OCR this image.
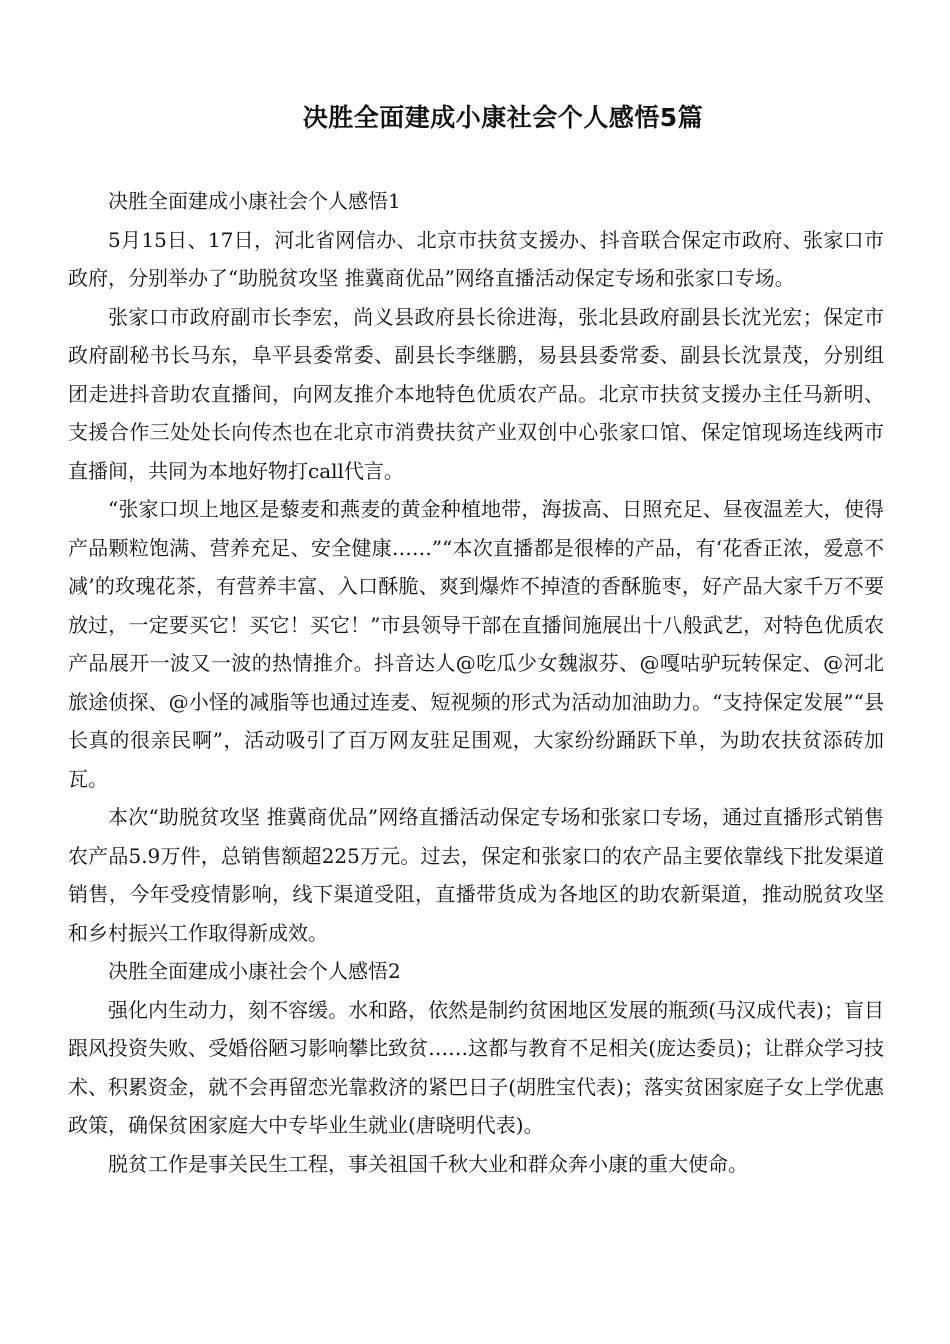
决胜全面建成小康社会个人感悟5篇

决胜全面建成小康社会个人感悟1

5月15日、17日，河北省网信办、北京市扶贫支援办、抖音联合保定市政府、张家口市政府，分别举办了“助脱贫攻坚 推冀商优品”网络直播活动保定专场和张家口专场。

张家口市政府副市长李宏，尚义县政府县长徐进海，张北县政府副县长沈光宏；保定市政府副秘书长马东，阜平县委常委、副县长李继鹏，易县县委常委、副县长沈景茂，分别组团走进抖音助农直播间，向网友推介本地特色优质农产品。北京市扶贫支援办主任马新明、支援合作三处处长向传杰也在北京市消费扶贫产业双创中心张家口馆、保定馆现场连线两市直播间，共同为本地好物打call代言。

“张家口坝上地区是藜麦和燕麦的黄金种植地带，海拔高、日照充足、昼夜温差大，使得产品颗粒饱满、营养充足、安全健康……”“本次直播都是很棒的产品，有‘花香正浓，爱意不减’的玫瑰花茶，有营养丰富、入口酥脆、爽到爆炸不掉渣的香酥脆枣，好产品大家千万不要放过，一定要买它！买它！买它！”市县领导干部在直播间施展出十八般武艺，对特色优质农产品展开一波又一波的热情推介。抖音达人@吃瓜少女魏淑芬、@嘎咕驴玩转保定、@河北旅途侦探、@小怪的减脂等也通过连麦、短视频的形式为活动加油助力。“支持保定发展”“县长真的很亲民啊”，活动吸引了百万网友驻足围观，大家纷纷踊跃下单，为助农扶贫添砖加瓦。

本次“助脱贫攻坚 推冀商优品”网络直播活动保定专场和张家口专场，通过直播形式销售农产品5.9万件，总销售额超225万元。过去，保定和张家口的农产品主要依靠线下批发渠道销售，今年受疫情影响，线下渠道受阻，直播带货成为各地区的助农新渠道，推动脱贫攻坚和乡村振兴工作取得新成效。

决胜全面建成小康社会个人感悟2

强化内生动力，刻不容缓。水和路，依然是制约贫困地区发展的瓶颈(马汉成代表)；盲目跟风投资失败、受婚俗陋习影响攀比致贫……这都与教育不足相关(庞达委员)；让群众学习技术、积累资金，就不会再留恋光靠救济的紧巴日子(胡胜宝代表)；落实贫困家庭子女上学优惠政策，确保贫困家庭大中专毕业生就业(唐晓明代表)。

脱贫工作是事关民生工程，事关祖国千秋大业和群众奔小康的重大使命。
